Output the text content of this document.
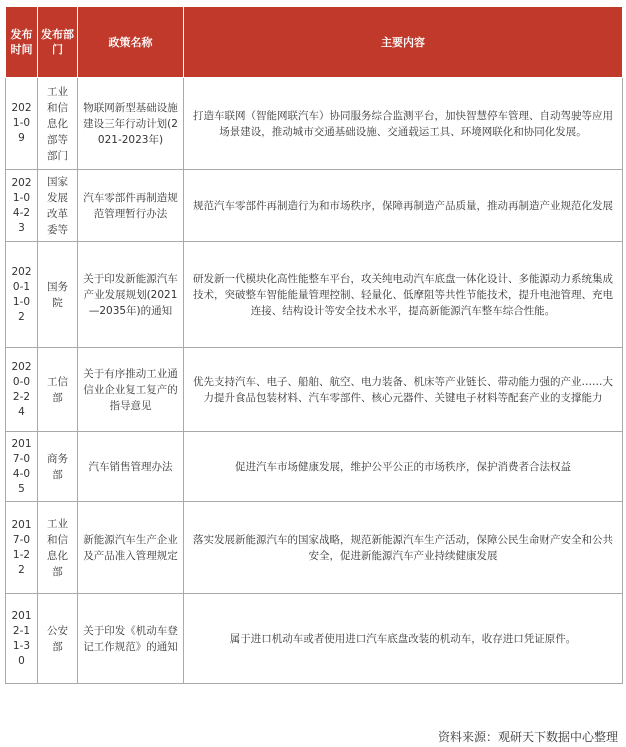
发布时间	发布部门	政策名称	主要内容
2021-09	工业和信息化部等部门	物联网新型基础设施建设三年行动计划(2021-2023年)	打造车联网（智能网联汽车）协同服务综合监测平台，加快智慧停车管理、自动驾驶等应用场景建设，推动城市交通基础设施、交通载运工具、环境网联化和协同化发展。
2021-04-23	国家发展改革委等	汽车零部件再制造规范管理暂行办法	规范汽车零部件再制造行为和市场秩序，保障再制造产品质量，推动再制造产业规范化发展
2020-11-02	国务院	关于印发新能源汽车产业发展规划(2021—2035年)的通知	研发新一代模块化高性能整车平台，攻关纯电动汽车底盘一体化设计、多能源动力系统集成技术，突破整车智能能量管理控制、轻量化、低摩阻等共性节能技术，提升电池管理、充电连接、结构设计等安全技术水平，提高新能源汽车整车综合性能。
2020-02-24	工信部	关于有序推动工业通信业企业复工复产的指导意见	优先支持汽车、电子、船舶、航空、电力装备、机床等产业链长、带动能力强的产业……大力提升食品包装材料、汽车零部件、核心元器件、关键电子材料等配套产业的支撑能力
2017-04-05	商务部	汽车销售管理办法	促进汽车市场健康发展，维护公平公正的市场秩序，保护消费者合法权益
2017-01-22	工业和信息化部	新能源汽车生产企业及产品准入管理规定	落实发展新能源汽车的国家战略，规范新能源汽车生产活动，保障公民生命财产安全和公共安全，促进新能源汽车产业持续健康发展
2012-11-30	公安部	关于印发《机动车登记工作规范》的通知	属于进口机动车或者使用进口汽车底盘改装的机动车，收存进口凭证原件。
资料来源：观研天下数据中心整理
